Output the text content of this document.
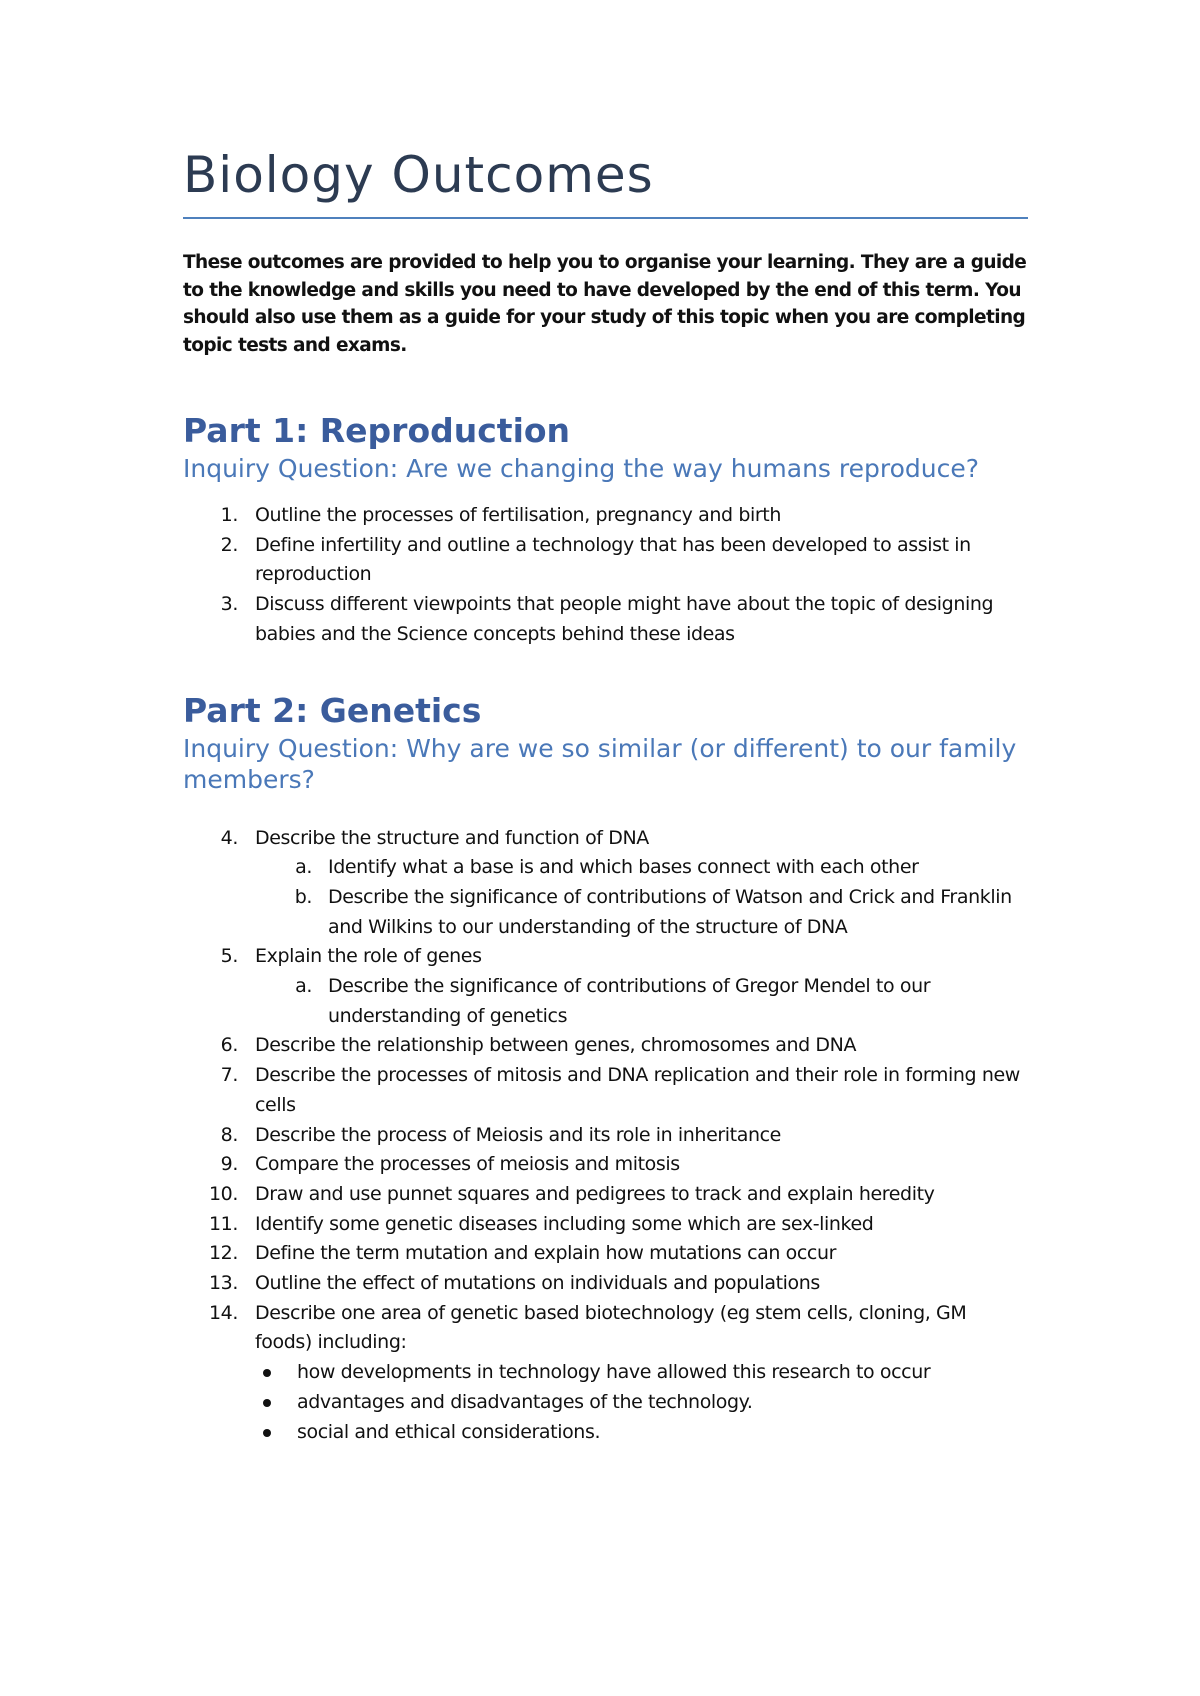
Biology Outcomes

These outcomes are provided to help you to organise your learning. They are a guide to the knowledge and skills you need to have developed by the end of this term. You should also use them as a guide for your study of this topic when you are completing topic tests and exams.

Part 1: Reproduction

Inquiry Question: Are we changing the way humans reproduce?

1. Outline the processes of fertilisation, pregnancy and birth
2. Define infertility and outline a technology that has been developed to assist in reproduction
3. Discuss different viewpoints that people might have about the topic of designing babies and the Science concepts behind these ideas
Part 2: Genetics

Inquiry Question: Why are we so similar (or different) to our family members?

4. Describe the structure and function of DNA
a. Identify what a base is and which bases connect with each other
b. Describe the significance of contributions of Watson and Crick and Franklin and Wilkins to our understanding of the structure of DNA
5. Explain the role of genes
a. Describe the significance of contributions of Gregor Mendel to our understanding of genetics
6. Describe the relationship between genes, chromosomes and DNA
7. Describe the processes of mitosis and DNA replication and their role in forming new cells
8. Describe the process of Meiosis and its role in inheritance
9. Compare the processes of meiosis and mitosis
10. Draw and use punnet squares and pedigrees to track and explain heredity
11. Identify some genetic diseases including some which are sex-linked
12. Define the term mutation and explain how mutations can occur
13. Outline the effect of mutations on individuals and populations
14. Describe one area of genetic based biotechnology (eg stem cells, cloning, GM foods) including:
how developments in technology have allowed this research to occur
advantages and disadvantages of the technology.
social and ethical considerations.
